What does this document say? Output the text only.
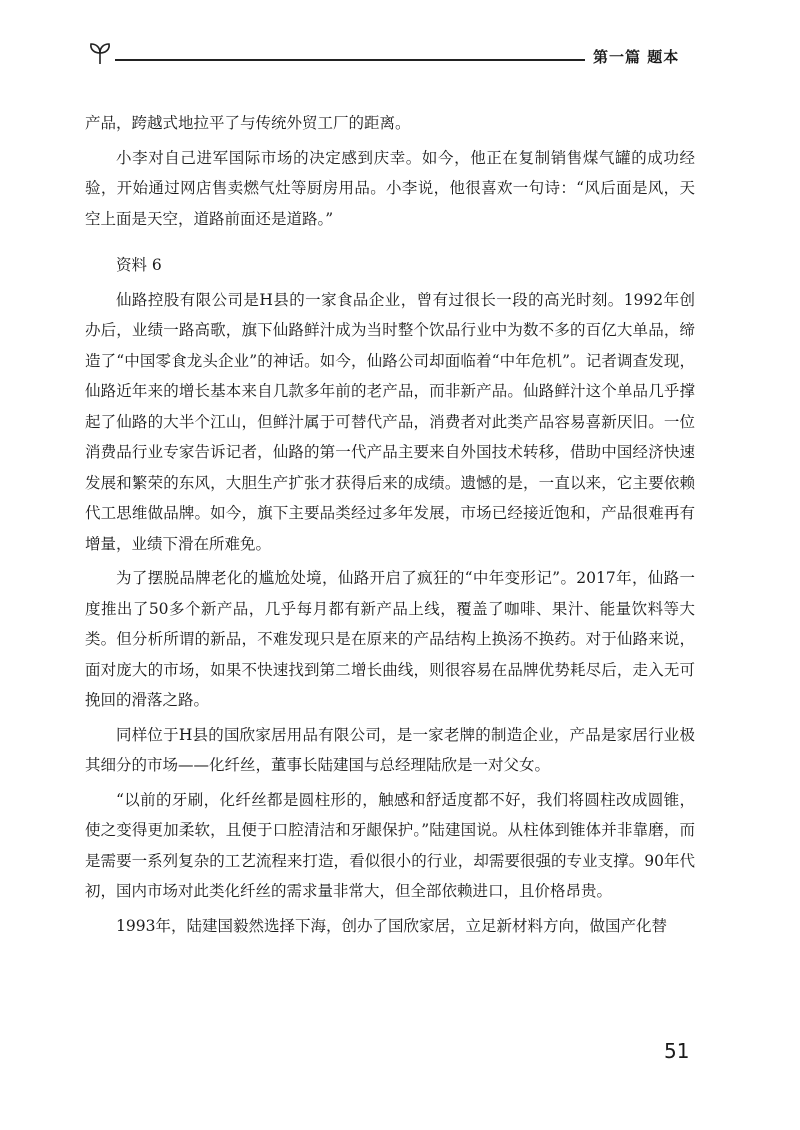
第一篇 题本

产品，跨越式地拉平了与传统外贸工厂的距离。

小李对自己进军国际市场的决定感到庆幸。如今，他正在复制销售煤气罐的成功经验，开始通过网店售卖燃气灶等厨房用品。小李说，他很喜欢一句诗：“风后面是风，天空上面是天空，道路前面还是道路。”

资料 6

仙路控股有限公司是H县的一家食品企业，曾有过很长一段的高光时刻。1992年创办后，业绩一路高歌，旗下仙路鲜汁成为当时整个饮品行业中为数不多的百亿大单品，缔造了“中国零食龙头企业”的神话。如今，仙路公司却面临着“中年危机”。记者调查发现，仙路近年来的增长基本来自几款多年前的老产品，而非新产品。仙路鲜汁这个单品几乎撑起了仙路的大半个江山，但鲜汁属于可替代产品，消费者对此类产品容易喜新厌旧。一位消费品行业专家告诉记者，仙路的第一代产品主要来自外国技术转移，借助中国经济快速发展和繁荣的东风，大胆生产扩张才获得后来的成绩。遗憾的是，一直以来，它主要依赖代工思维做品牌。如今，旗下主要品类经过多年发展，市场已经接近饱和，产品很难再有增量，业绩下滑在所难免。

为了摆脱品牌老化的尴尬处境，仙路开启了疯狂的“中年变形记”。2017年，仙路一度推出了50多个新产品，几乎每月都有新产品上线，覆盖了咖啡、果汁、能量饮料等大类。但分析所谓的新品，不难发现只是在原来的产品结构上换汤不换药。对于仙路来说，面对庞大的市场，如果不快速找到第二增长曲线，则很容易在品牌优势耗尽后，走入无可挽回的滑落之路。

同样位于H县的国欣家居用品有限公司，是一家老牌的制造企业，产品是家居行业极其细分的市场——化纤丝，董事长陆建国与总经理陆欣是一对父女。

“以前的牙刷，化纤丝都是圆柱形的，触感和舒适度都不好，我们将圆柱改成圆锥，使之变得更加柔软，且便于口腔清洁和牙龈保护。”陆建国说。从柱体到锥体并非靠磨，而是需要一系列复杂的工艺流程来打造，看似很小的行业，却需要很强的专业支撑。90年代初，国内市场对此类化纤丝的需求量非常大，但全部依赖进口，且价格昂贵。

1993年，陆建国毅然选择下海，创办了国欣家居，立足新材料方向，做国产化替

51
